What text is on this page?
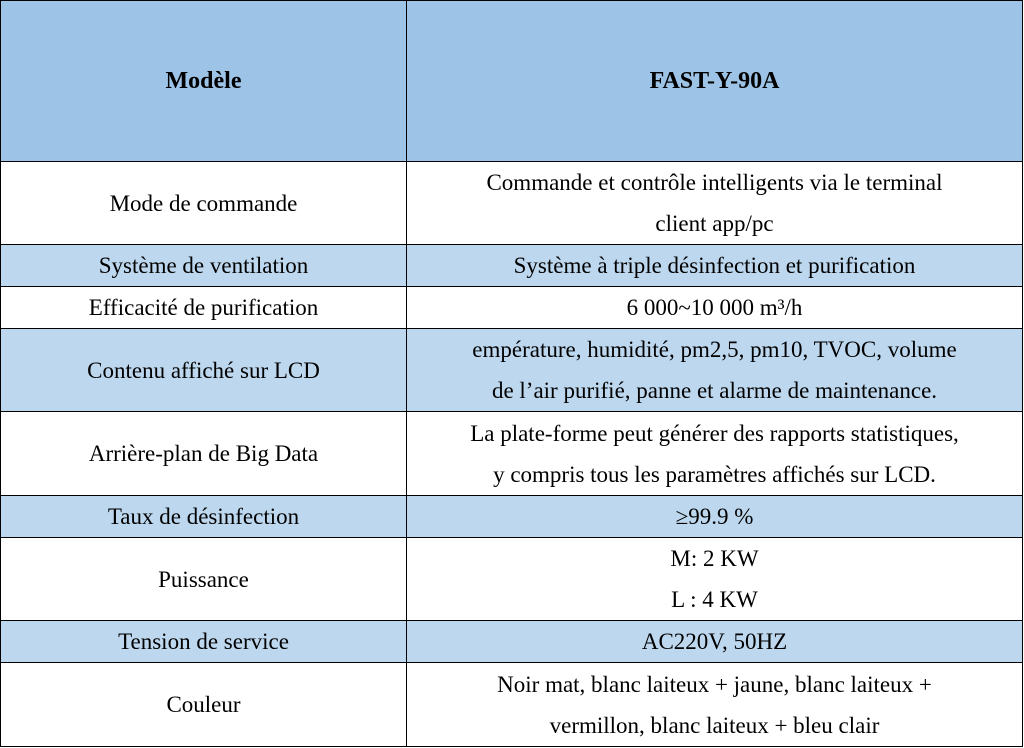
Modèle	FAST-Y-90A
Mode de commande	Commande et contrôle intelligents via le terminal
client app/pc

Système de ventilation	Système à triple désinfection et purification

Efficacité de purification	6 000~10 000 m³/h

Contenu affiché sur LCD	empérature, humidité, pm2,5, pm10, TVOC, volume
de l’air purifié, panne et alarme de maintenance.

Arrière-plan de Big Data	La plate-forme peut générer des rapports statistiques,
y compris tous les paramètres affichés sur LCD.

Taux de désinfection	≥99.9 %

Puissance	M: 2 KW
L : 4 KW

Tension de service	AC220V, 50HZ

Couleur	Noir mat, blanc laiteux + jaune, blanc laiteux +
vermillon, blanc laiteux + bleu clair
